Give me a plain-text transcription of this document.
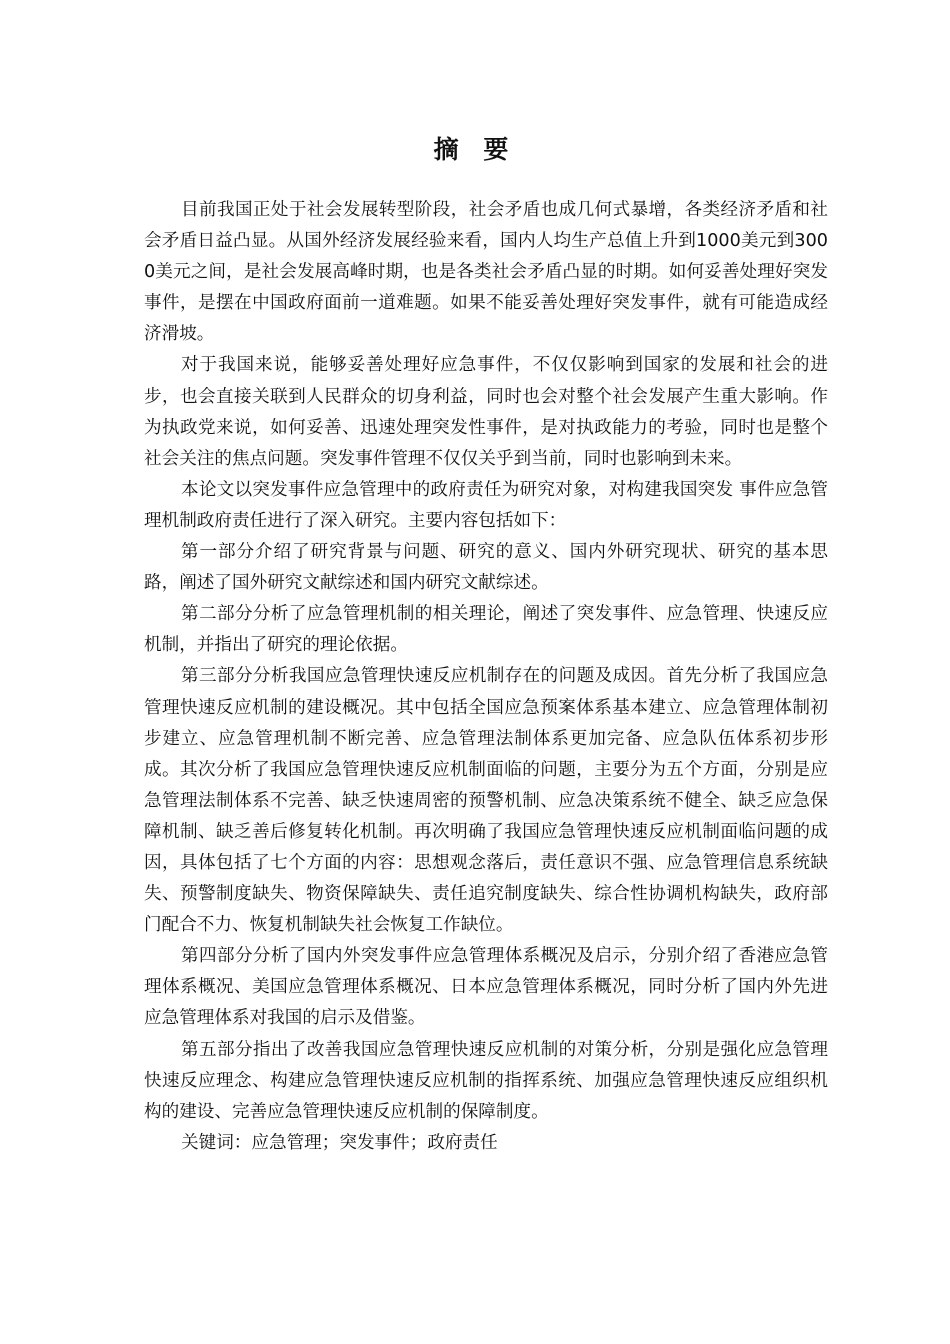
摘 要

目前我国正处于社会发展转型阶段，社会矛盾也成几何式暴增，各类经济矛盾和社会矛盾日益凸显。从国外经济发展经验来看，国内人均生产总值上升到1000美元到3000美元之间，是社会发展高峰时期，也是各类社会矛盾凸显的时期。如何妥善处理好突发事件，是摆在中国政府面前一道难题。如果不能妥善处理好突发事件，就有可能造成经济滑坡。

对于我国来说，能够妥善处理好应急事件，不仅仅影响到国家的发展和社会的进步，也会直接关联到人民群众的切身利益，同时也会对整个社会发展产生重大影响。作为执政党来说，如何妥善、迅速处理突发性事件，是对执政能力的考验，同时也是整个社会关注的焦点问题。突发事件管理不仅仅关乎到当前，同时也影响到未来。

本论文以突发事件应急管理中的政府责任为研究对象，对构建我国突发 事件应急管理机制政府责任进行了深入研究。主要内容包括如下：

第一部分介绍了研究背景与问题、研究的意义、国内外研究现状、研究的基本思路，阐述了国外研究文献综述和国内研究文献综述。

第二部分分析了应急管理机制的相关理论，阐述了突发事件、应急管理、快速反应机制，并指出了研究的理论依据。

第三部分分析我国应急管理快速反应机制存在的问题及成因。首先分析了我国应急管理快速反应机制的建设概况。其中包括全国应急预案体系基本建立、应急管理体制初步建立、应急管理机制不断完善、应急管理法制体系更加完备、应急队伍体系初步形成。其次分析了我国应急管理快速反应机制面临的问题，主要分为五个方面，分别是应急管理法制体系不完善、缺乏快速周密的预警机制、应急决策系统不健全、缺乏应急保障机制、缺乏善后修复转化机制。再次明确了我国应急管理快速反应机制面临问题的成因，具体包括了七个方面的内容：思想观念落后，责任意识不强、应急管理信息系统缺失、预警制度缺失、物资保障缺失、责任追究制度缺失、综合性协调机构缺失，政府部门配合不力、恢复机制缺失社会恢复工作缺位。

第四部分分析了国内外突发事件应急管理体系概况及启示，分别介绍了香港应急管理体系概况、美国应急管理体系概况、日本应急管理体系概况，同时分析了国内外先进应急管理体系对我国的启示及借鉴。

第五部分指出了改善我国应急管理快速反应机制的对策分析，分别是强化应急管理快速反应理念、构建应急管理快速反应机制的指挥系统、加强应急管理快速反应组织机构的建设、完善应急管理快速反应机制的保障制度。

关键词：应急管理；突发事件；政府责任
